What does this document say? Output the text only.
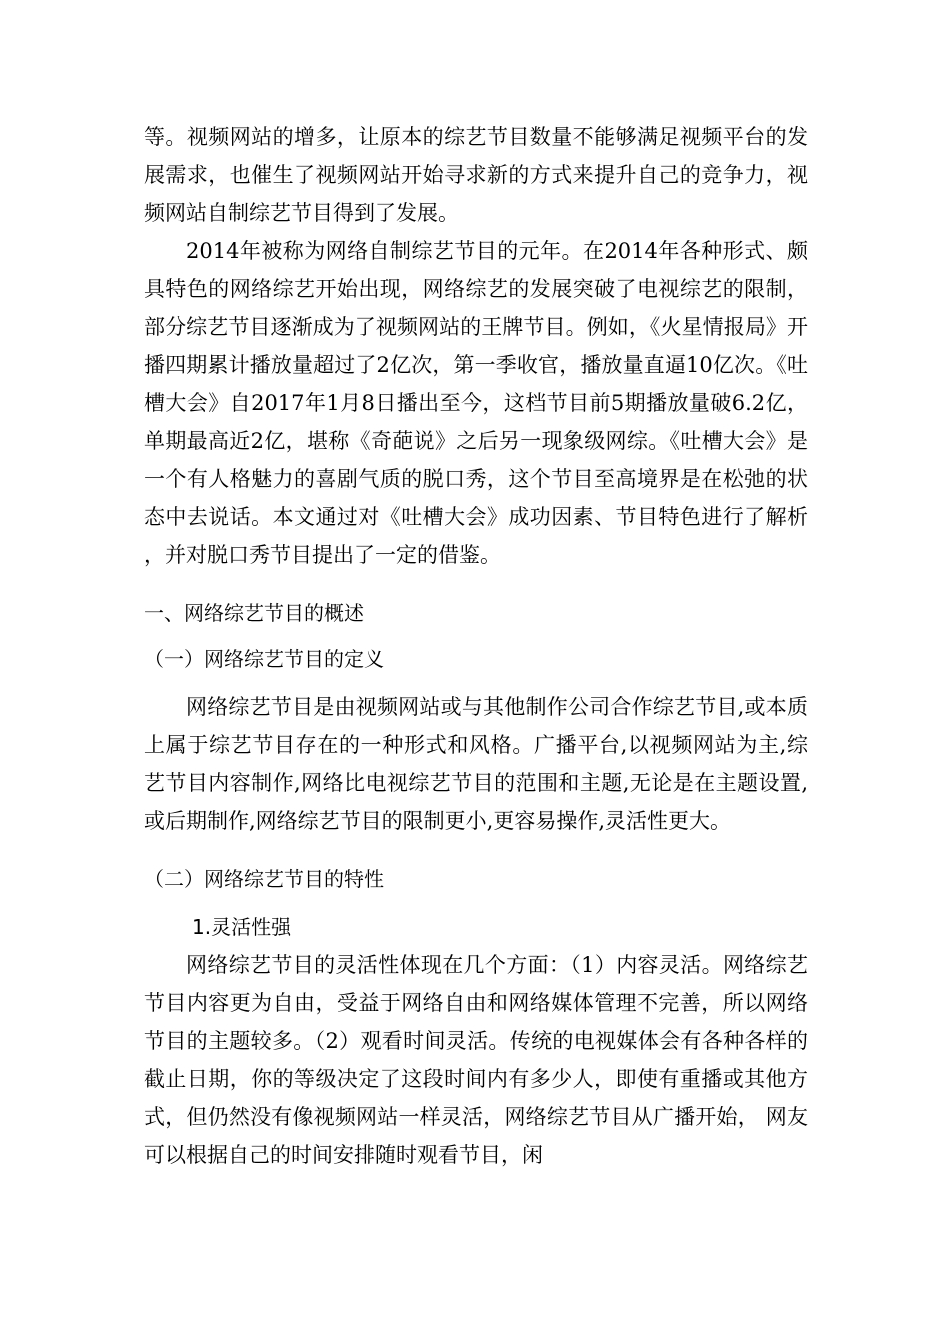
等。视频网站的增多，让原本的综艺节目数量不能够满足视频平台的发展需求，也催生了视频网站开始寻求新的方式来提升自己的竞争力，视频网站自制综艺节目得到了发展。

2014年被称为网络自制综艺节目的元年。在2014年各种形式、颇具特色的网络综艺开始出现，网络综艺的发展突破了电视综艺的限制，部分综艺节目逐渐成为了视频网站的王牌节目。例如，《火星情报局》开播四期累计播放量超过了2亿次，第一季收官，播放量直逼10亿次。《吐槽大会》自2017年1月8日播出至今，这档节目前5期播放量破6.2亿，单期最高近2亿，堪称《奇葩说》之后另一现象级网综。《吐槽大会》是一个有人格魅力的喜剧气质的脱口秀，这个节目至高境界是在松弛的状态中去说话。本文通过对《吐槽大会》成功因素、节目特色进行了解析，并对脱口秀节目提出了一定的借鉴。

一、网络综艺节目的概述
（一）网络综艺节目的定义

网络综艺节目是由视频网站或与其他制作公司合作综艺节目,或本质上属于综艺节目存在的一种形式和风格。广播平台,以视频网站为主,综艺节目内容制作,网络比电视综艺节目的范围和主题,无论是在主题设置,或后期制作,网络综艺节目的限制更小,更容易操作,灵活性更大。

（二）网络综艺节目的特性
1.灵活性强

网络综艺节目的灵活性体现在几个方面：（1）内容灵活。网络综艺节目内容更为自由，受益于网络自由和网络媒体管理不完善，所以网络节目的主题较多。（2）观看时间灵活。传统的电视媒体会有各种各样的截止日期，你的等级决定了这段时间内有多少人，即使有重播或其他方式，但仍然没有像视频网站一样灵活，网络综艺节目从广播开始， 网友可以根据自己的时间安排随时观看节目，闲
